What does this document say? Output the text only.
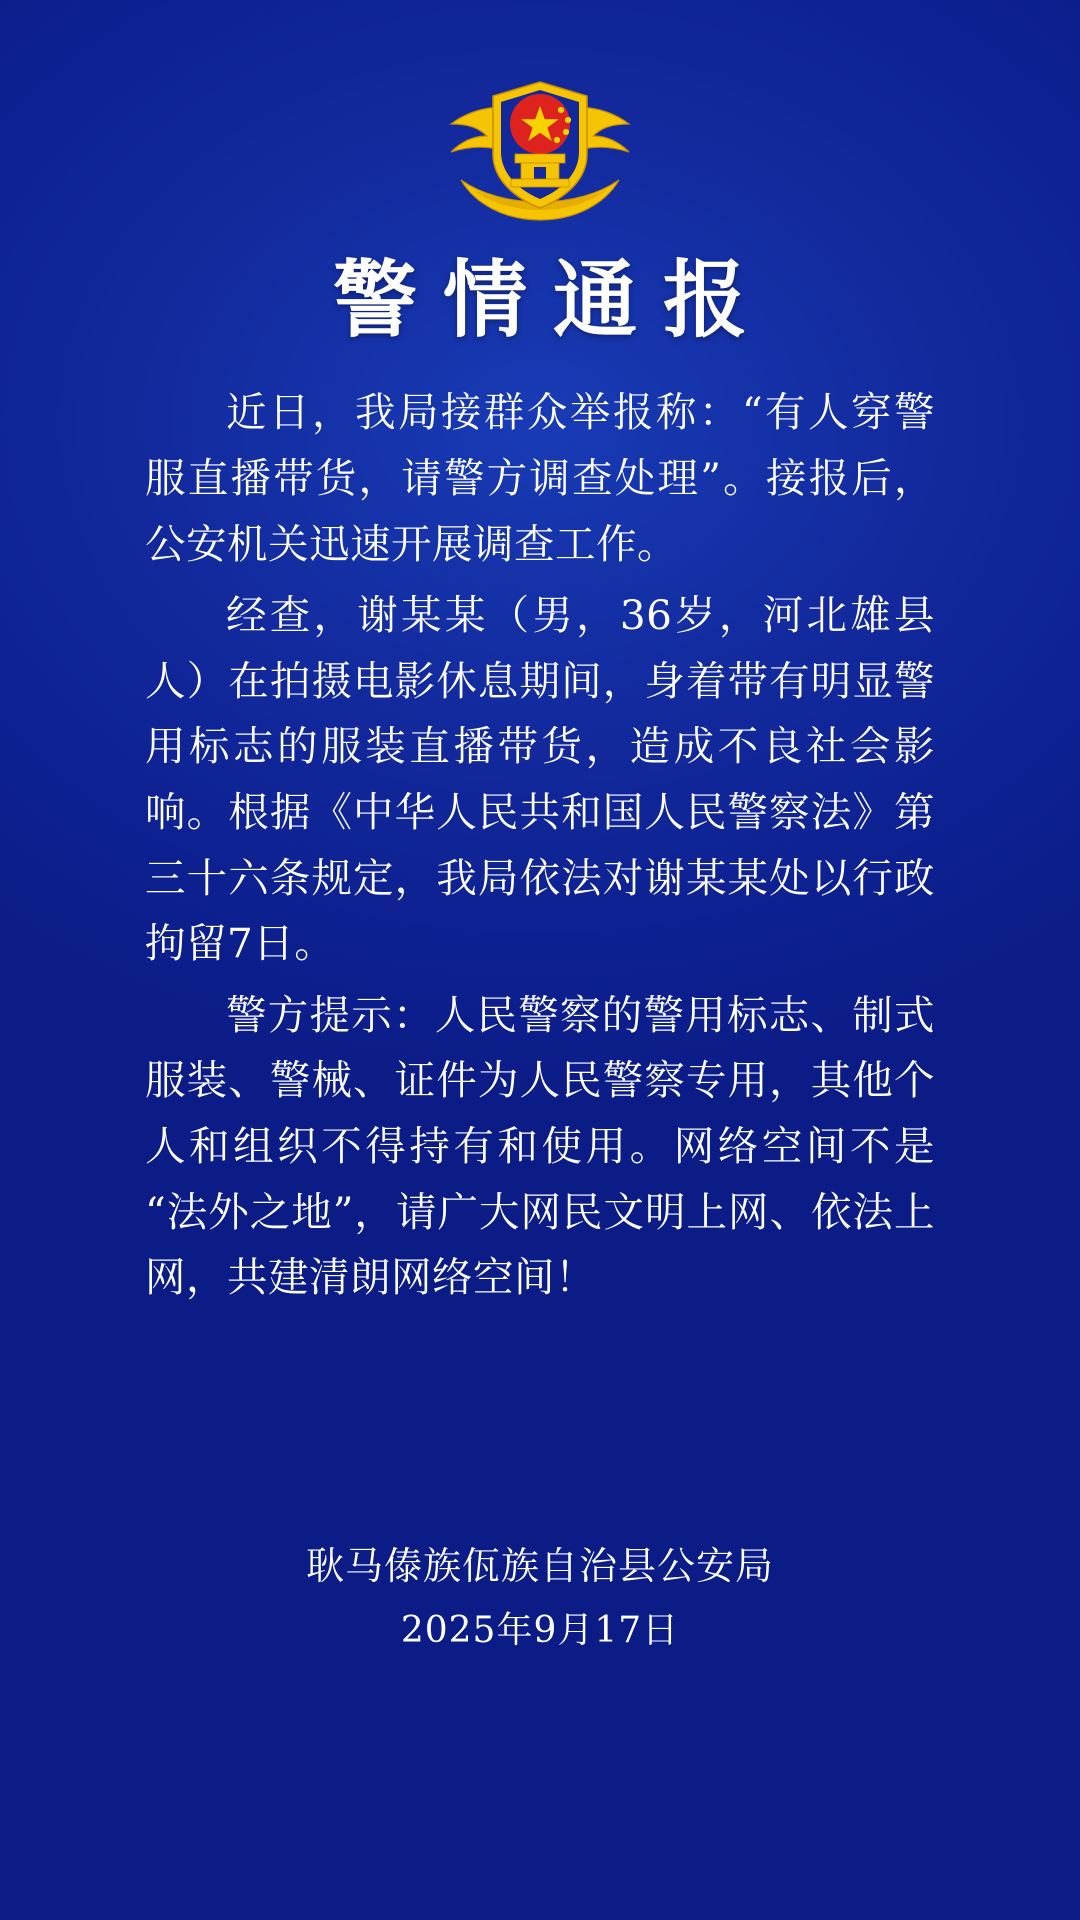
警情通报

近日，我局接群众举报称：“有人穿警服直播带货，请警方调查处理”。接报后，公安机关迅速开展调查工作。

经查，谢某某（男，36岁，河北雄县人）在拍摄电影休息期间，身着带有明显警用标志的服装直播带货，造成不良社会影响。根据《中华人民共和国人民警察法》第三十六条规定，我局依法对谢某某处以行政拘留7日。

警方提示：人民警察的警用标志、制式服装、警械、证件为人民警察专用，其他个人和组织不得持有和使用。网络空间不是“法外之地”，请广大网民文明上网、依法上网，共建清朗网络空间！

耿马傣族佤族自治县公安局
2025年9月17日
